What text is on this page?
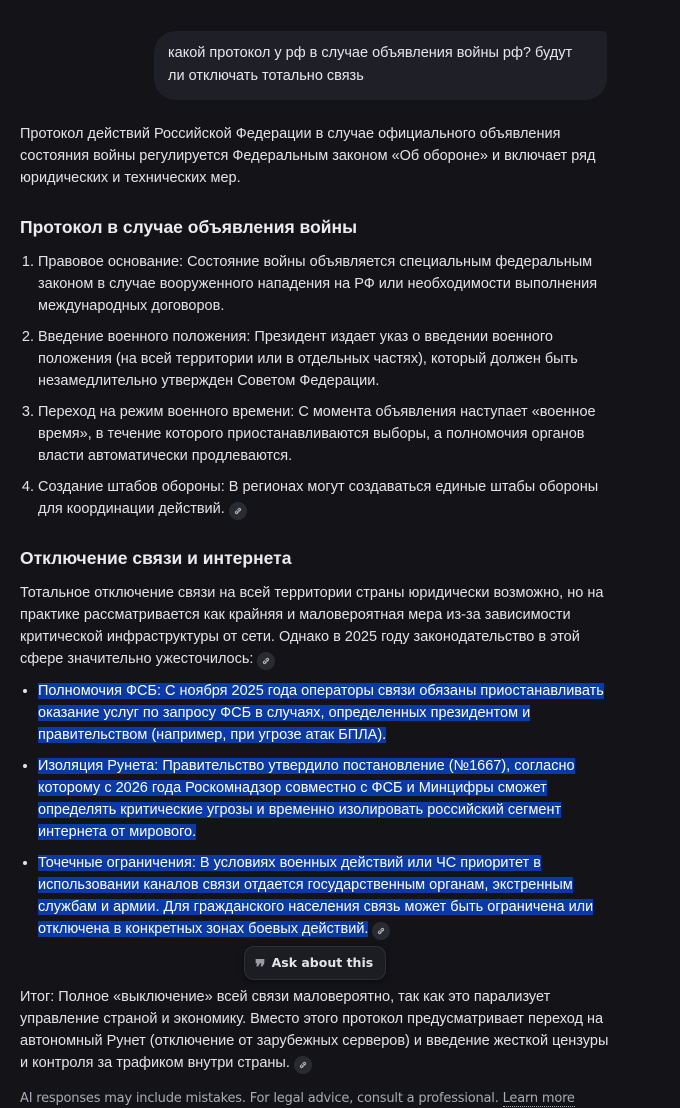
какой протокол у рф в случае объявления войны рф? будут ли отключать тотально связь

Протокол действий Российской Федерации в случае официального объявления состояния войны регулируется Федеральным законом «Об обороне» и включает ряд юридических и технических мер.

Протокол в случае объявления войны
1. Правовое основание: Состояние войны объявляется специальным федеральным законом в случае вооруженного нападения на РФ или необходимости выполнения международных договоров.
2. Введение военного положения: Президент издает указ о введении военного положения (на всей территории или в отдельных частях), который должен быть незамедлительно утвержден Советом Федерации.
3. Переход на режим военного времени: С момента объявления наступает «военное время», в течение которого приостанавливаются выборы, а полномочия органов власти автоматически продлеваются.
4. Создание штабов обороны: В регионах могут создаваться единые штабы обороны для координации действий.
Отключение связи и интернета

Тотальное отключение связи на всей территории страны юридически возможно, но на практике рассматривается как крайняя и маловероятная мера из-за зависимости критической инфраструктуры от сети. Однако в 2025 году законодательство в этой сфере значительно ужесточилось:

• Полномочия ФСБ: С ноября 2025 года операторы связи обязаны приостанавливать оказание услуг по запросу ФСБ в случаях, определенных президентом и правительством (например, при угрозе атак БПЛА).
• Изоляция Рунета: Правительство утвердило постановление (№1667), согласно которому с 2026 года Роскомнадзор совместно с ФСБ и Минцифры сможет определять критические угрозы и временно изолировать российский сегмент интернета от мирового.
• Точечные ограничения: В условиях военных действий или ЧС приоритет в использовании каналов связи отдается государственным органам, экстренным службам и армии. Для гражданского населения связь может быть ограничена или отключена в конкретных зонах боевых действий.
❞ Ask about this

Итог: Полное «выключение» всей связи маловероятно, так как это парализует управление страной и экономику. Вместо этого протокол предусматривает переход на автономный Рунет (отключение от зарубежных серверов) и введение жесткой цензуры и контроля за трафиком внутри страны.

AI responses may include mistakes. For legal advice, consult a professional. Learn more
